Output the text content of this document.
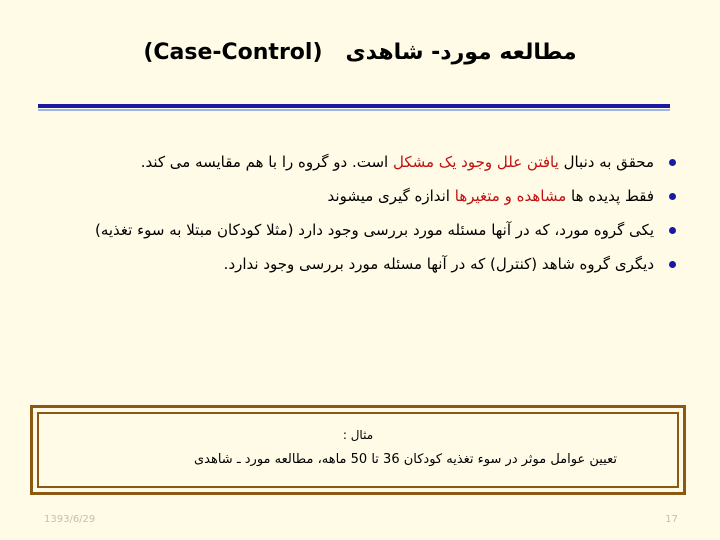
مطالعه مورد- شاهدی   (Case-Control)
محقق به دنبال یافتن علل وجود یک مشکل است. دو گروه را با هم مقایسه می کند.
فقط پدیده ها مشاهده و متغیرها اندازه گیری میشوند
یکی گروه مورد، که در آنها مسئله مورد بررسی وجود دارد (مثلا کودکان مبتلا به سوء تغذیه)
دیگری گروه شاهد (کنترل) که در آنها مسئله مورد بررسی وجود ندارد.
مثال :
تعیین عوامل موثر در سوء تغذیه کودکان 36 تا 50 ماهه، مطالعه مورد ـ شاهدی
1393/6/29	17
